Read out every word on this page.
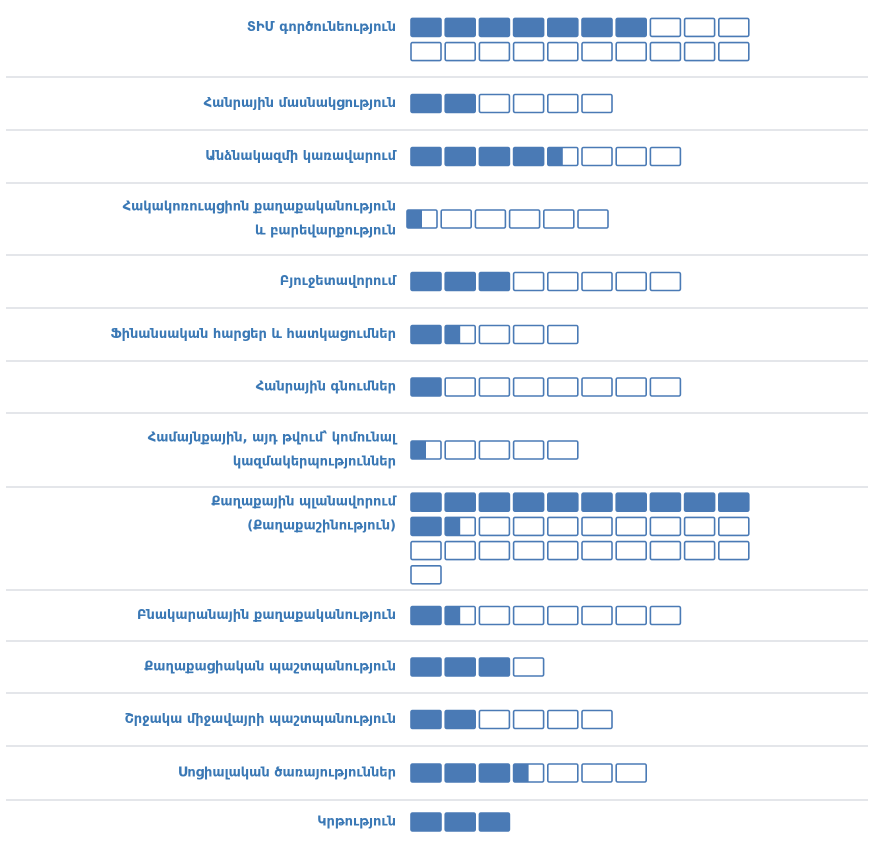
ՏԻՄ գործունեություն
Հանրային մասնակցություն
Անձնակազմի կառավարում
Հակակոռուպցիոն քաղաքականություն
և բարեվարքություն
Բյուջետավորում
Ֆինանսական հարցեր և հատկացումներ
Հանրային գնումներ
Համայնքային, այդ թվում՝ կոմունալ
կազմակերպություններ
Քաղաքային պլանավորում
(Քաղաքաշինություն)
Բնակարանային քաղաքականություն
Քաղաքացիական պաշտպանություն
Շրջակա միջավայրի պաշտպանություն
Սոցիալական ծառայություններ
Կրթություն
